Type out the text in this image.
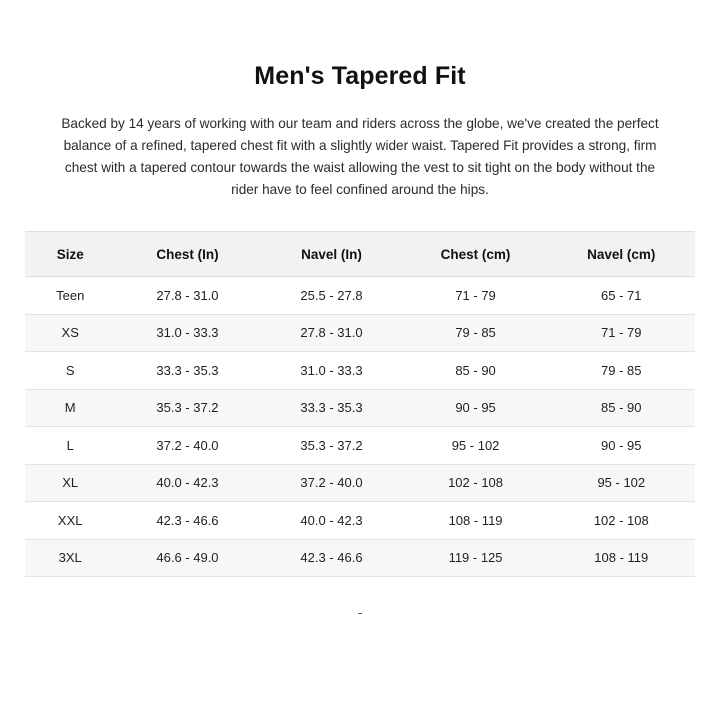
Men's Tapered Fit

Backed by 14 years of working with our team and riders across the globe, we've created the perfect balance of a refined, tapered chest fit with a slightly wider waist. Tapered Fit provides a strong, firm chest with a tapered contour towards the waist allowing the vest to sit tight on the body without the rider have to feel confined around the hips.

Size	Chest (In)	Navel (In)	Chest (cm)	Navel (cm)
Teen	27.8 - 31.0	25.5 - 27.8	71 - 79	65 - 71
XS	31.0 - 33.3	27.8 - 31.0	79 - 85	71 - 79
S	33.3 - 35.3	31.0 - 33.3	85 - 90	79 - 85
M	35.3 - 37.2	33.3 - 35.3	90 - 95	85 - 90
L	37.2 - 40.0	35.3 - 37.2	95 - 102	90 - 95
XL	40.0 - 42.3	37.2 - 40.0	102 - 108	95 - 102
XXL	42.3 - 46.6	40.0 - 42.3	108 - 119	102 - 108
3XL	46.6 - 49.0	42.3 - 46.6	119 - 125	108 - 119
-
